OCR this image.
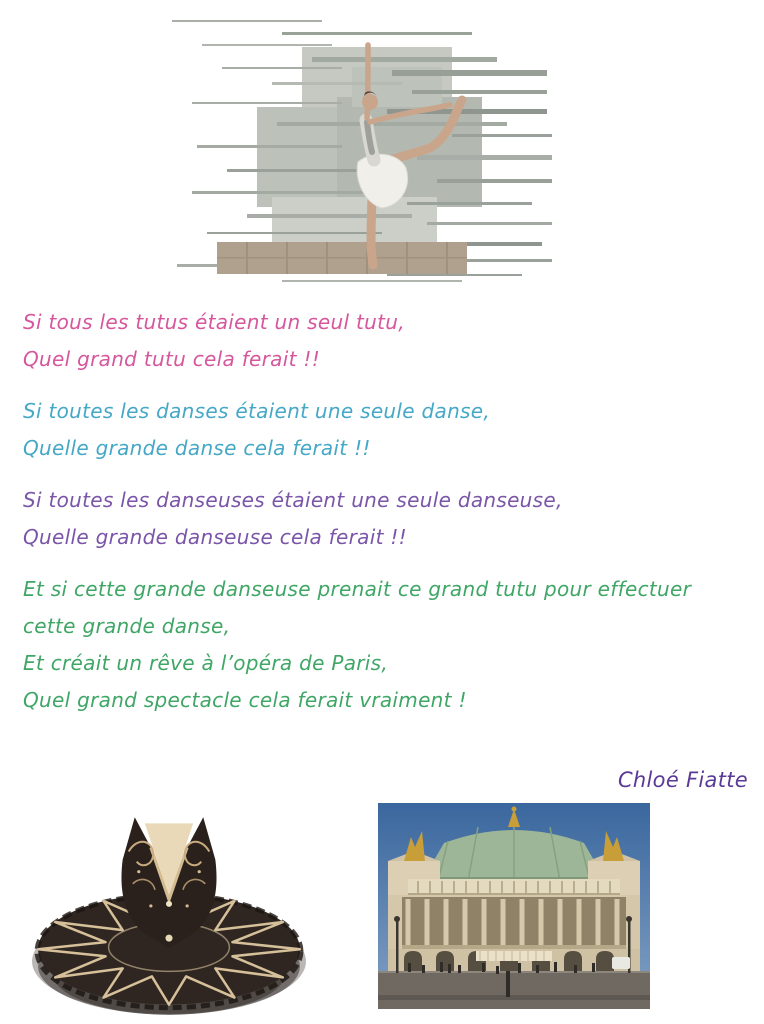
Si tous les tutus étaient un seul tutu,
Quel grand tutu cela ferait !!
Si toutes les danses étaient une seule danse,
Quelle grande danse cela ferait !!
Si toutes les danseuses étaient une seule danseuse,
Quelle grande danseuse cela ferait !!
Et si cette grande danseuse prenait ce grand tutu pour effectuer
cette grande danse,
Et créait un rêve à l’opéra de Paris,
Quel grand spectacle cela ferait vraiment !
Chloé Fiatte
